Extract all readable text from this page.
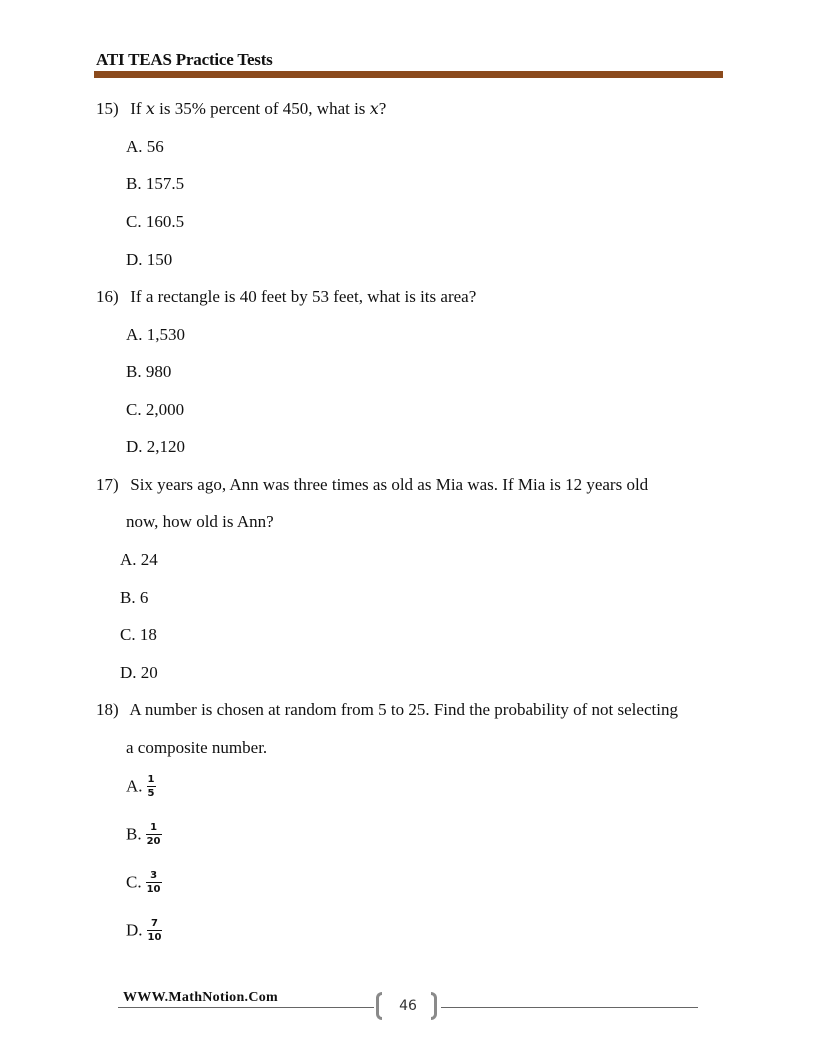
ATI TEAS Practice Tests
15) If x is 35% percent of 450, what is x?
A. 56
B. 157.5
C. 160.5
D. 150
16) If a rectangle is 40 feet by 53 feet, what is its area?
A. 1,530
B. 980
C. 2,000
D. 2,120
17) Six years ago, Ann was three times as old as Mia was. If Mia is 12 years old
now, how old is Ann?
A. 24
B. 6
C. 18
D. 20
18) A number is chosen at random from 5 to 25. Find the probability of not selecting
a composite number.
A. $\frac{1}{5}$
B. $\frac{1}{20}$
C. $\frac{3}{10}$
D. $\frac{7}{10}$
WWW.MathNotion.Com
46
